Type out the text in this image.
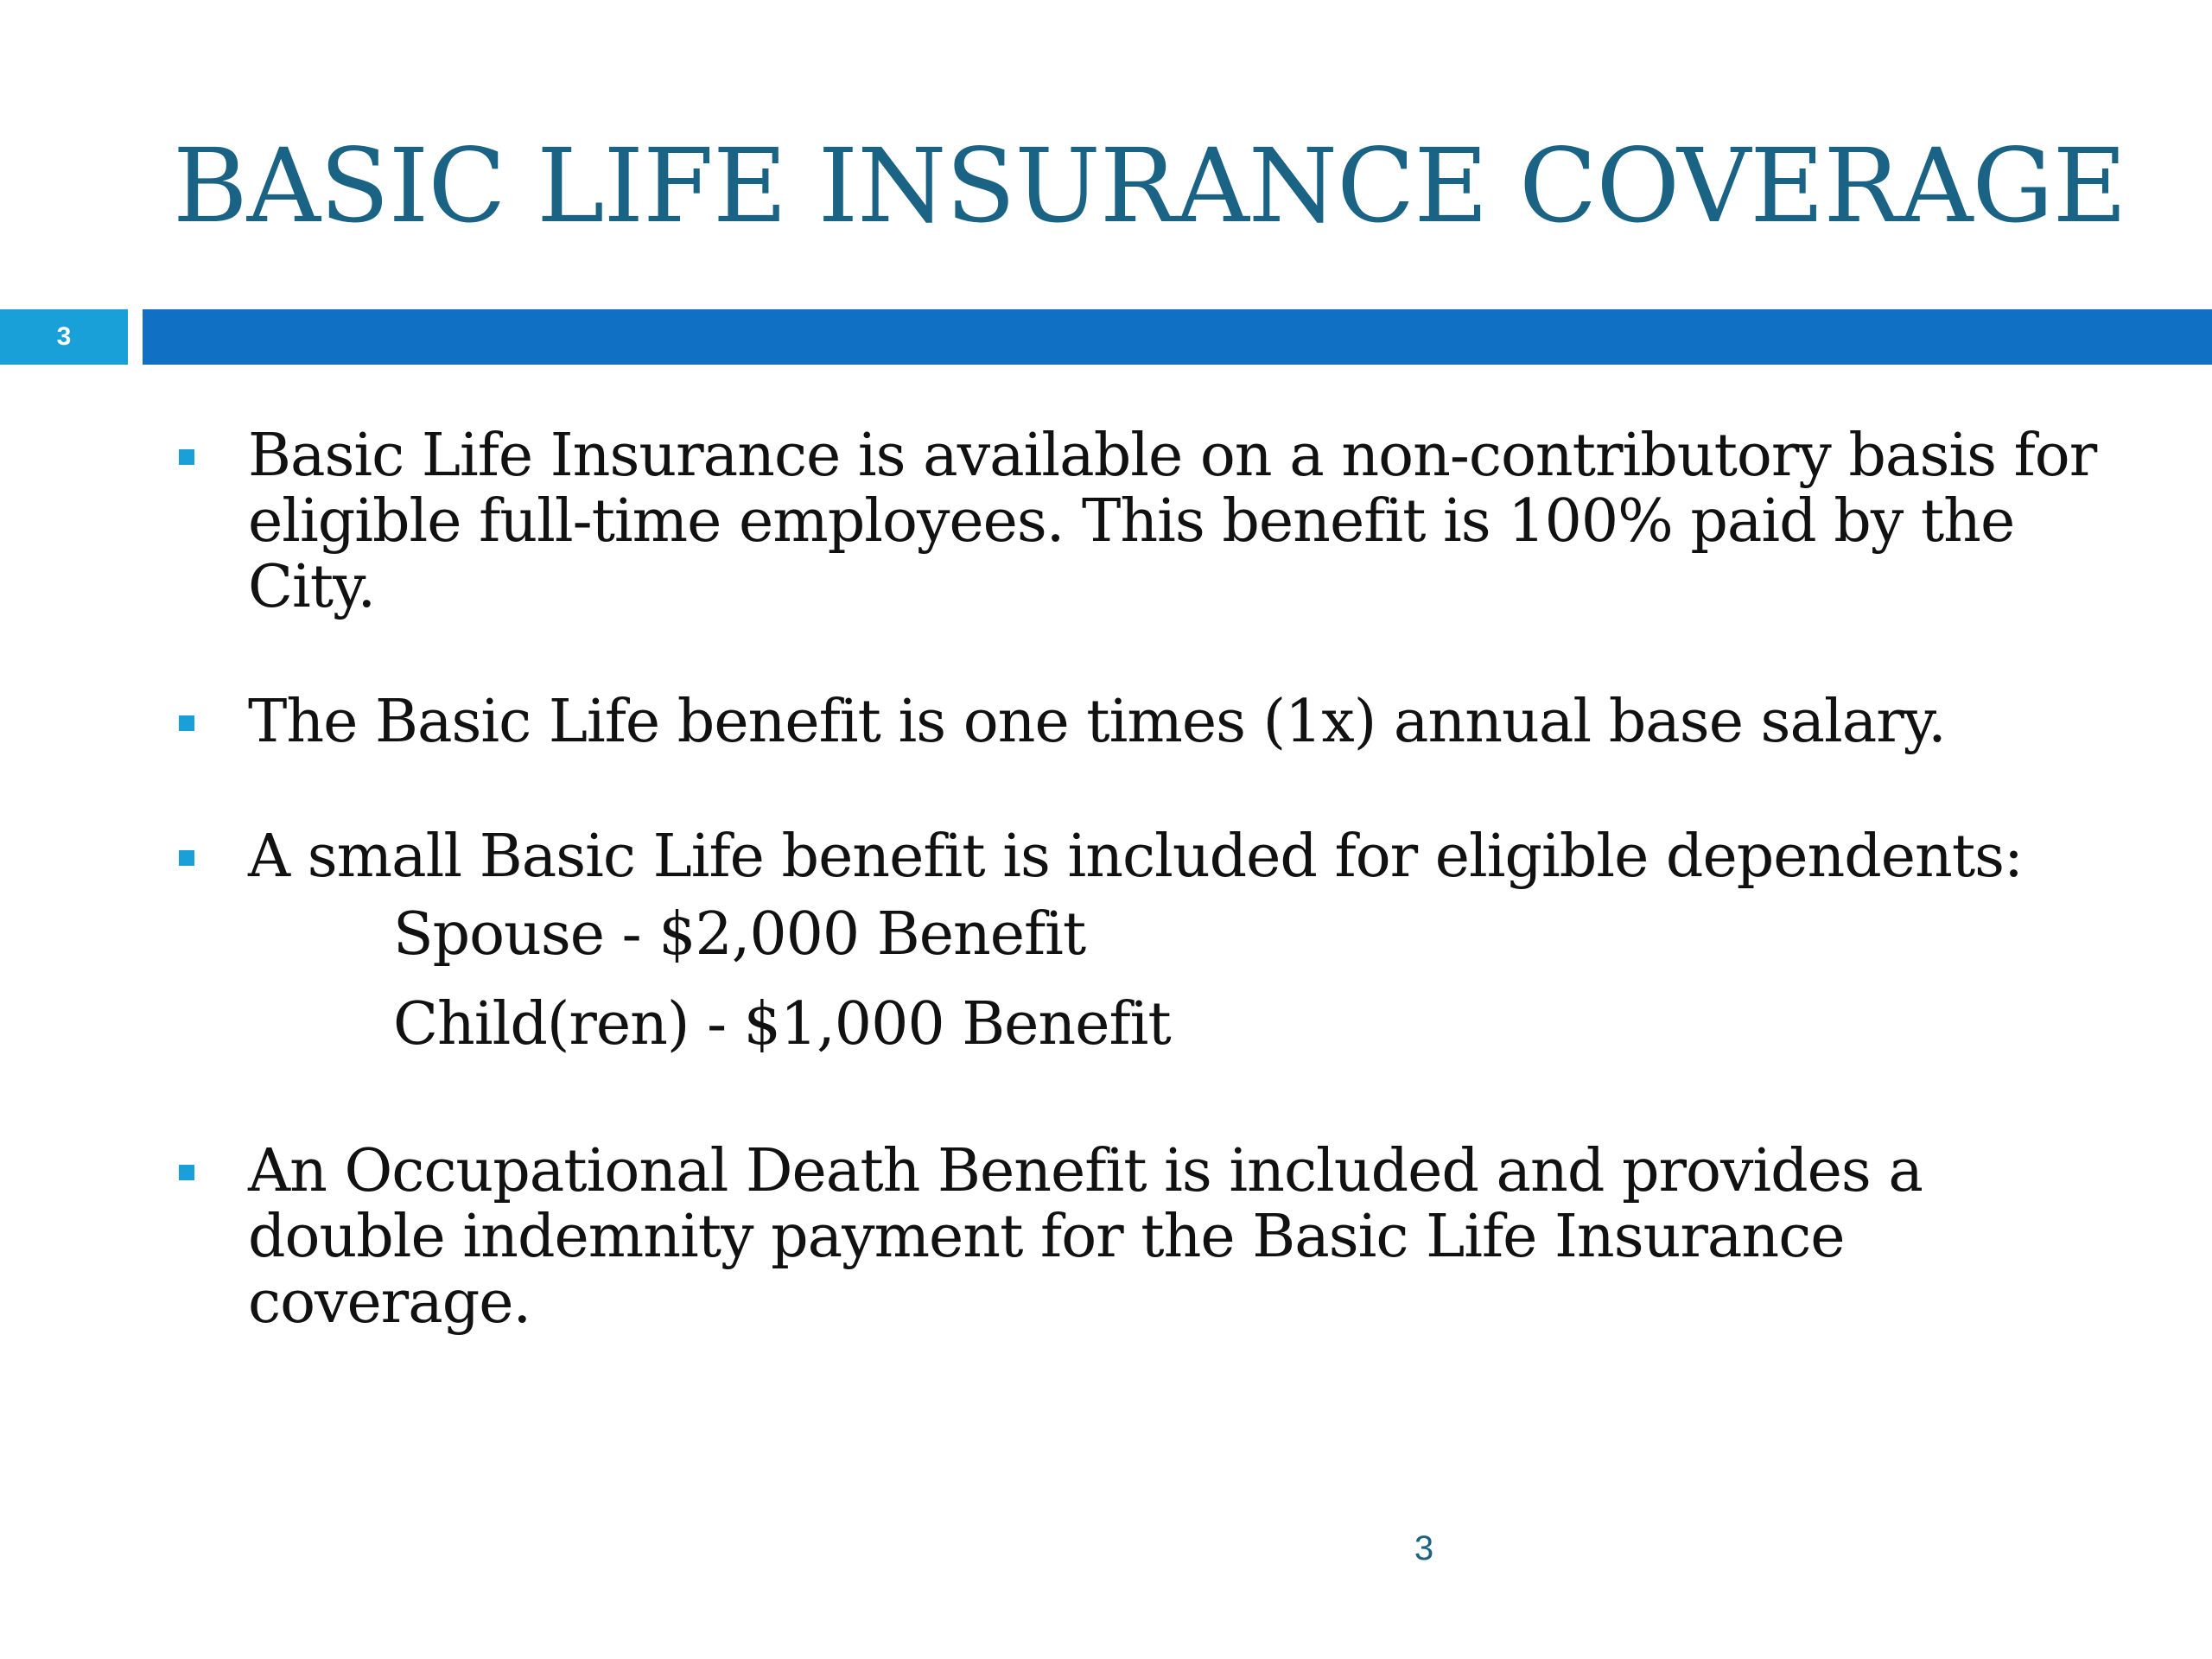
BASIC LIFE INSURANCE COVERAGE
3
Basic Life Insurance is available on a non-contributory basis for eligible full-time employees. This benefit is 100% paid by the City.
The Basic Life benefit is one times (1x) annual base salary.
A small Basic Life benefit is included for eligible dependents:
Spouse - $2,000 Benefit
Child(ren) - $1,000 Benefit
An Occupational Death Benefit is included and provides a double indemnity payment for the Basic Life Insurance coverage.
3
